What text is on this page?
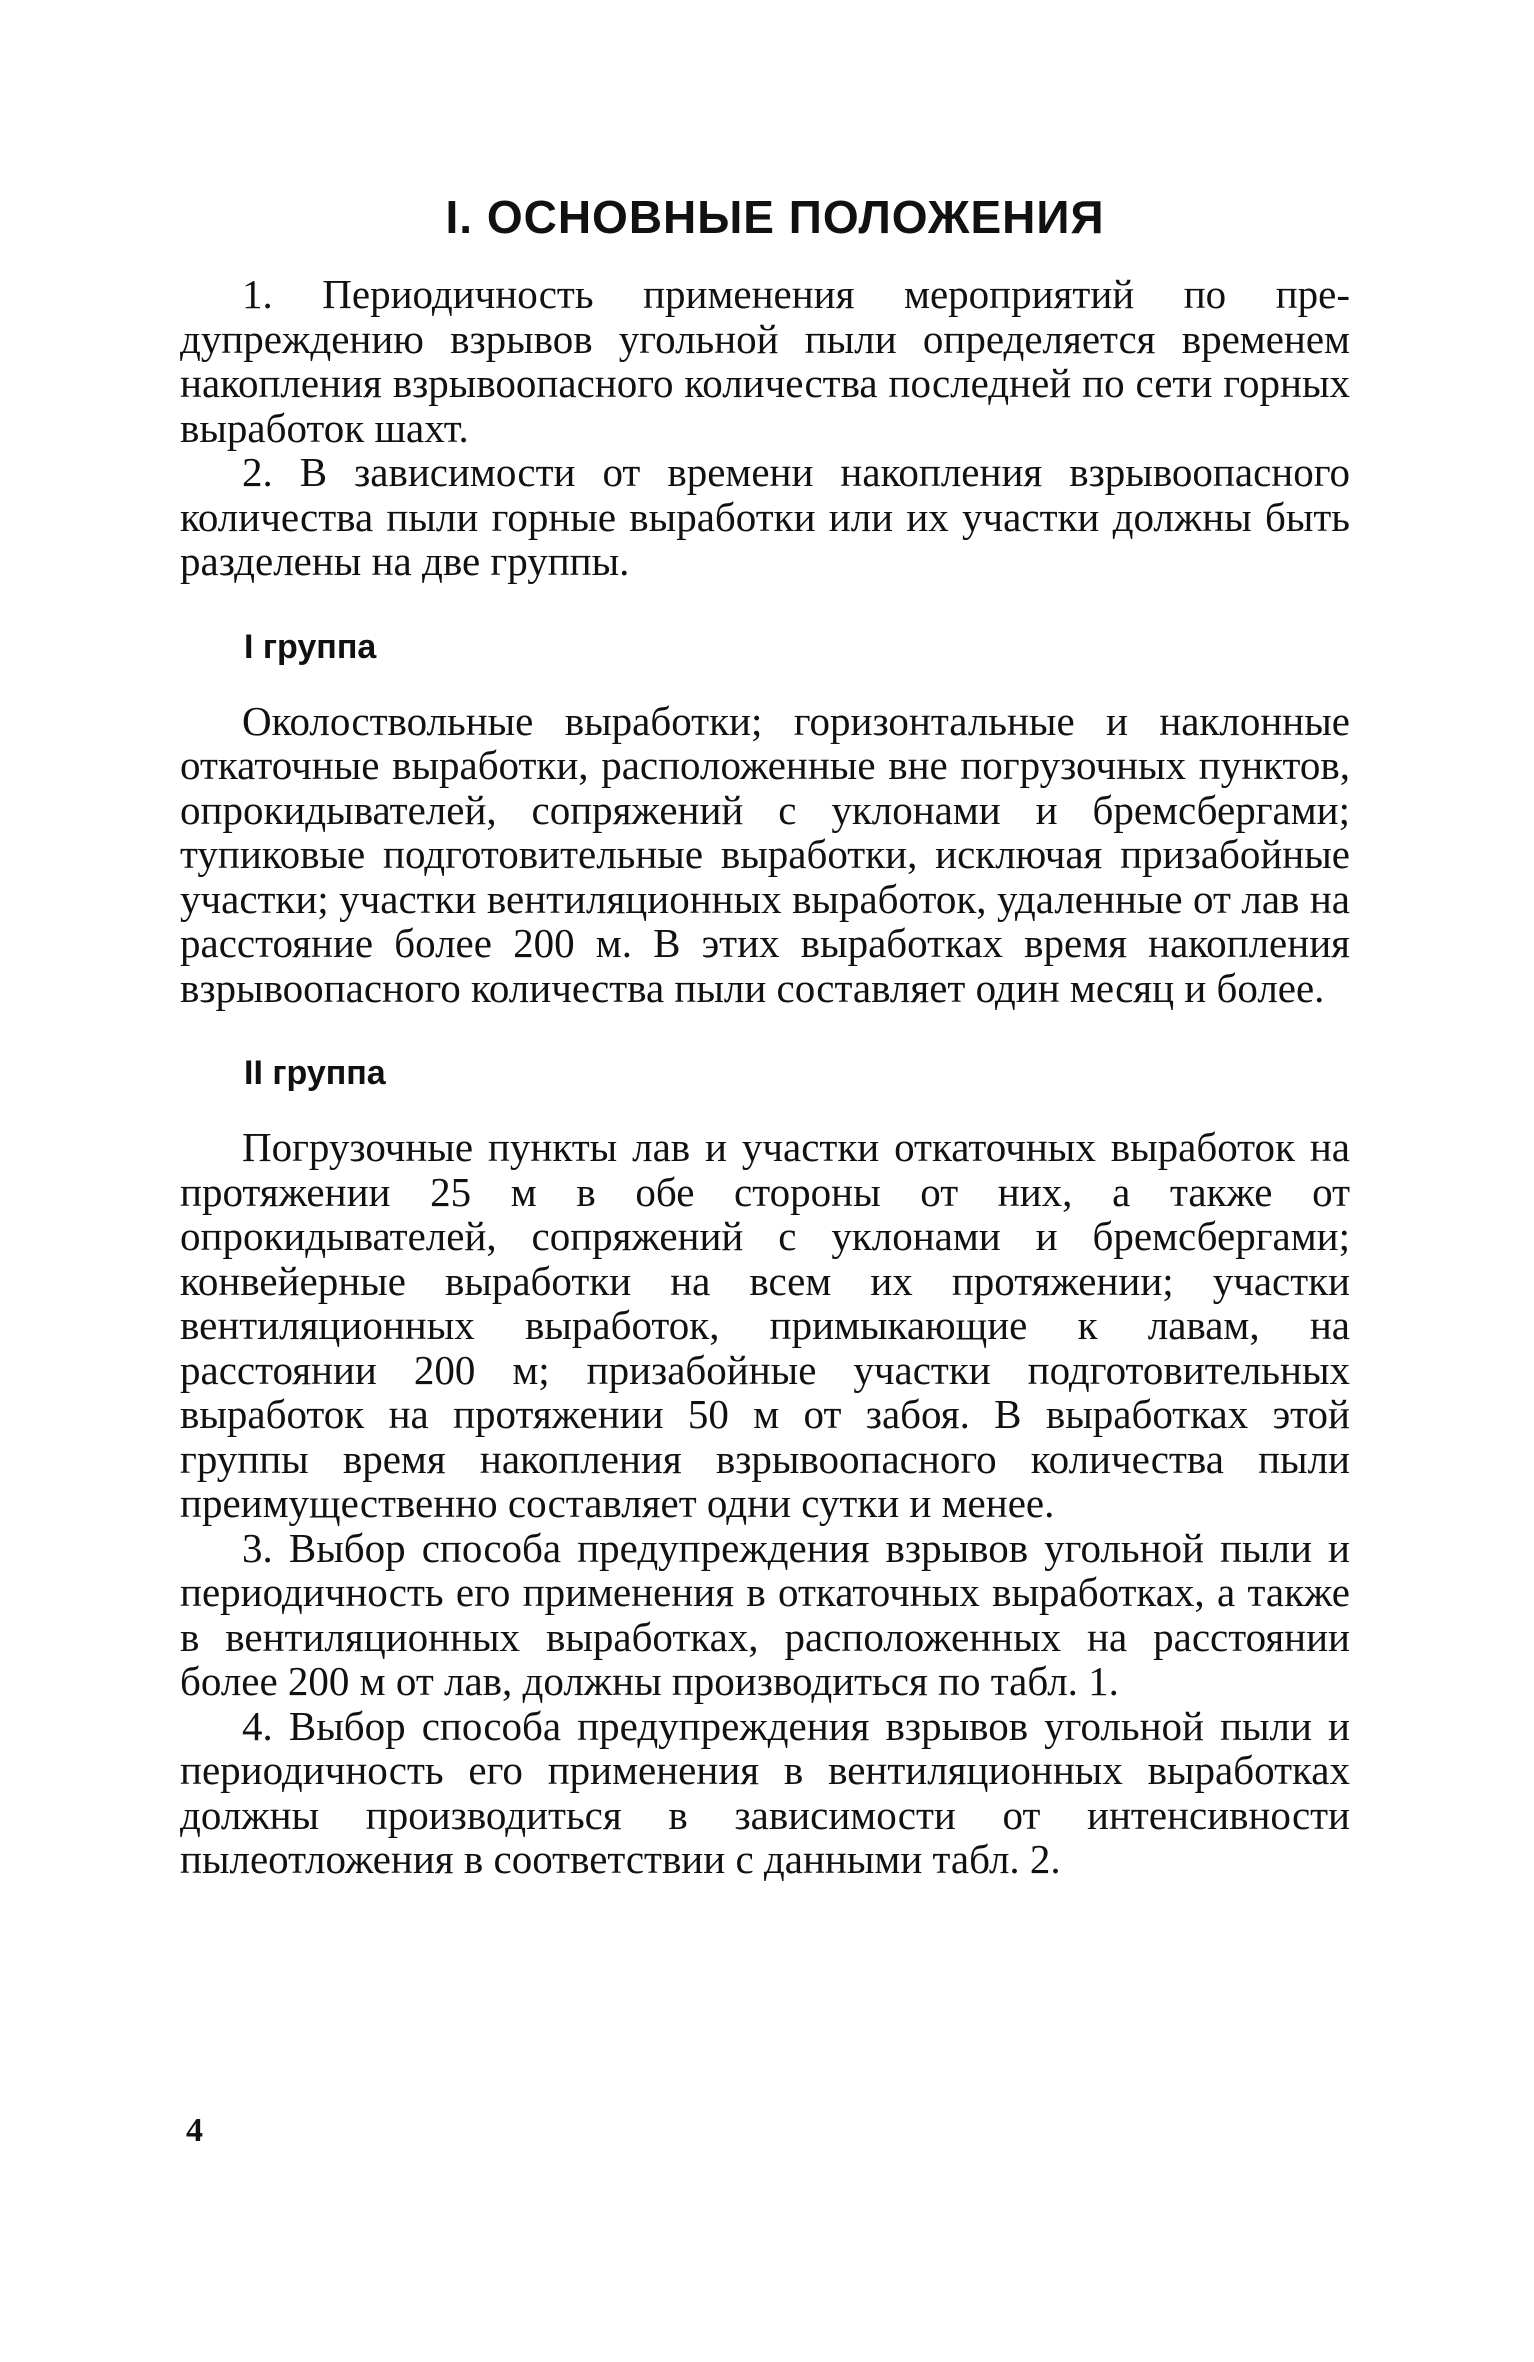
I. ОСНОВНЫЕ ПОЛОЖЕНИЯ

1. Периодичность применения мероприятий по предупреждению взрывов угольной пыли определяется временем накопления взрывоопасного количества последней по сети горных выработок шахт.

2. В зависимости от времени накопления взрывоопасного количества пыли горные выработки или их участки должны быть разделены на две группы.

I группа

Околоствольные выработки; горизонтальные и наклонные откаточные выработки, расположенные вне погрузочных пунктов, опрокидывателей, сопряжений с уклонами и бремсбергами; тупиковые подготовительные выработки, исключая призабойные участки; участки вентиляционных выработок, удаленные от лав на расстояние более 200 м. В этих выработках время накопления взрывоопасного количества пыли составляет один месяц и более.

II группа

Погрузочные пункты лав и участки откаточных выработок на протяжении 25 м в обе стороны от них, а также от опрокидывателей, сопряжений с уклонами и бремсбергами; конвейерные выработки на всем их протяжении; участки вентиляционных выработок, примыкающие к лавам, на расстоянии 200 м; призабойные участки подготовительных выработок на протяжении 50 м от забоя. В выработках этой группы время накопления взрывоопасного количества пыли преимущественно составляет одни сутки и менее.

3. Выбор способа предупреждения взрывов угольной пыли и периодичность его применения в откаточных выработках, а также в вентиляционных выработках, расположенных на расстоянии более 200 м от лав, должны производиться по табл. 1.

4. Выбор способа предупреждения взрывов угольной пыли и периодичность его применения в вентиляционных выработках должны производиться в зависимости от интенсивности пылеотложения в соответствии с данными табл. 2.

4
